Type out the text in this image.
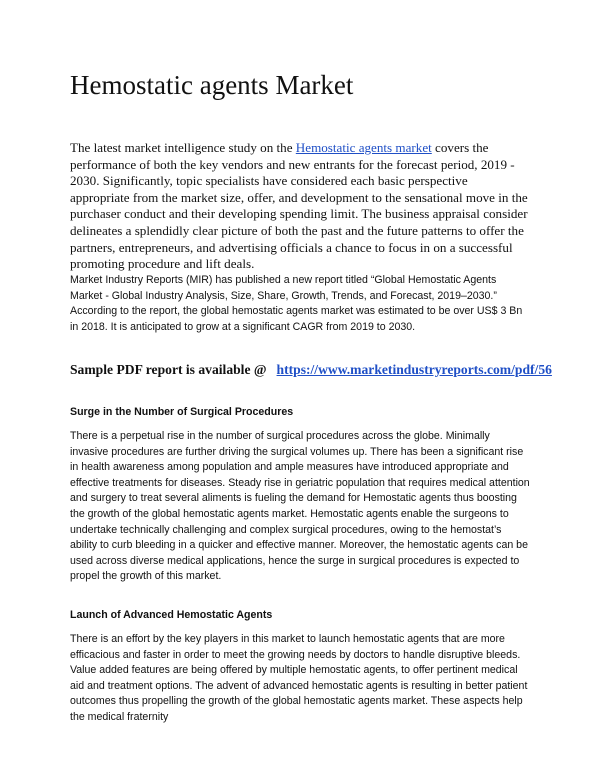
Hemostatic agents Market

The latest market intelligence study on the Hemostatic agents market covers the performance of both the key vendors and new entrants for the forecast period, 2019 - 2030. Significantly, topic specialists have considered each basic perspective appropriate from the market size, offer, and development to the sensational move in the purchaser conduct and their developing spending limit. The business appraisal consider delineates a splendidly clear picture of both the past and the future patterns to offer the partners, entrepreneurs, and advertising officials a chance to focus in on a successful promoting procedure and lift deals.

Market Industry Reports (MIR) has published a new report titled “Global Hemostatic Agents Market - Global Industry Analysis, Size, Share, Growth, Trends, and Forecast, 2019–2030.” According to the report, the global hemostatic agents market was estimated to be over US$ 3 Bn in 2018. It is anticipated to grow at a significant CAGR from 2019 to 2030.

Sample PDF report is available @ https://www.marketindustryreports.com/pdf/56

Surge in the Number of Surgical Procedures

There is a perpetual rise in the number of surgical procedures across the globe. Minimally invasive procedures are further driving the surgical volumes up. There has been a significant rise in health awareness among population and ample measures have introduced appropriate and effective treatments for diseases. Steady rise in geriatric population that requires medical attention and surgery to treat several aliments is fueling the demand for Hemostatic agents thus boosting the growth of the global hemostatic agents market. Hemostatic agents enable the surgeons to undertake technically challenging and complex surgical procedures, owing to the hemostat’s ability to curb bleeding in a quicker and effective manner. Moreover, the hemostatic agents can be used across diverse medical applications, hence the surge in surgical procedures is expected to propel the growth of this market.

Launch of Advanced Hemostatic Agents

There is an effort by the key players in this market to launch hemostatic agents that are more efficacious and faster in order to meet the growing needs by doctors to handle disruptive bleeds. Value added features are being offered by multiple hemostatic agents, to offer pertinent medical aid and treatment options. The advent of advanced hemostatic agents is resulting in better patient outcomes thus propelling the growth of the global hemostatic agents market. These aspects help the medical fraternity
